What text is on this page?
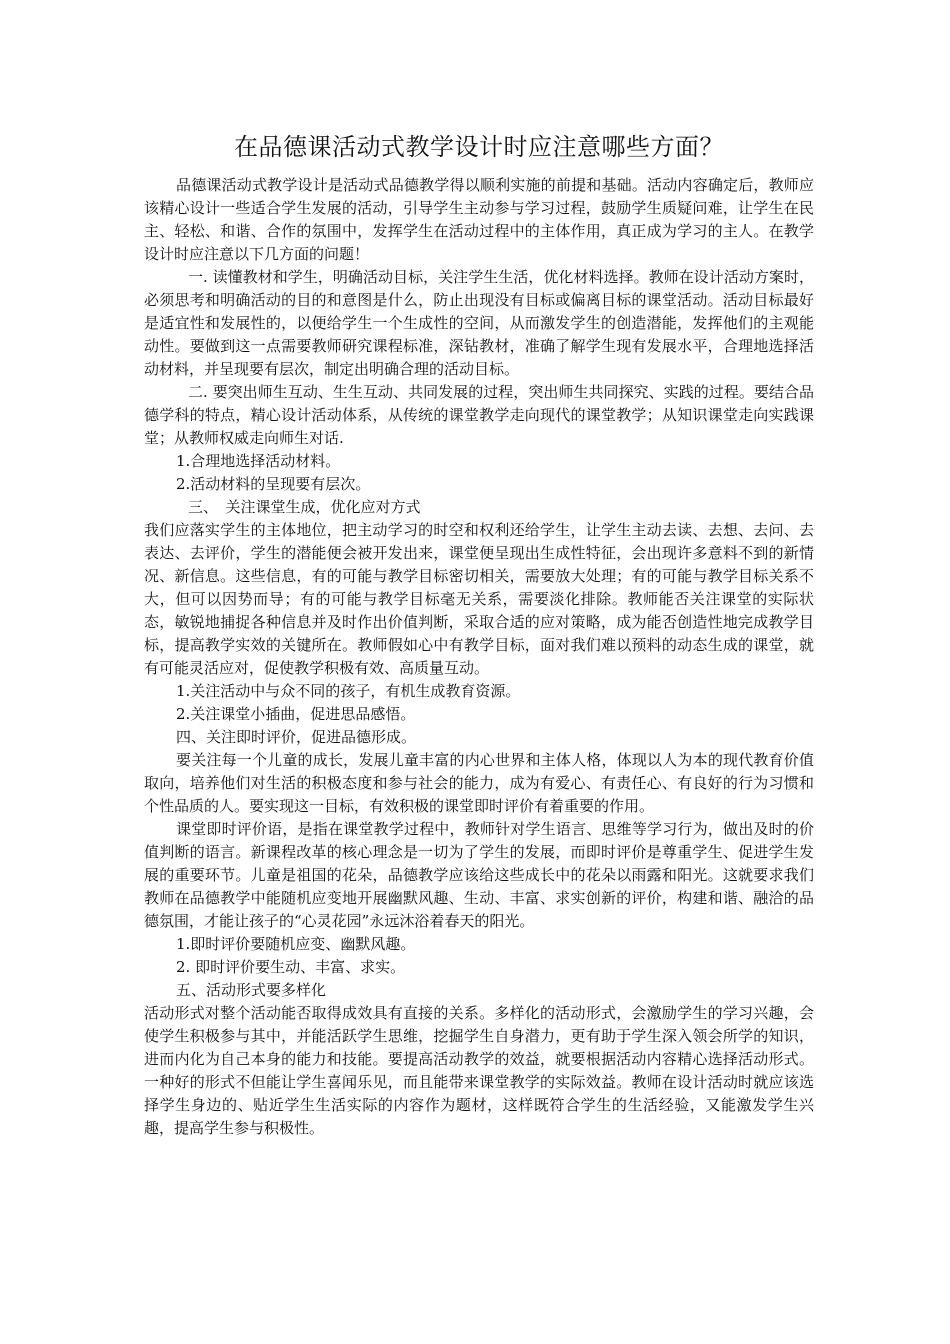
在品德课活动式教学设计时应注意哪些方面？

品德课活动式教学设计是活动式品德教学得以顺利实施的前提和基础。活动内容确定后，教师应该精心设计一些适合学生发展的活动，引导学生主动参与学习过程，鼓励学生质疑问难，让学生在民主、轻松、和谐、合作的氛围中，发挥学生在活动过程中的主体作用，真正成为学习的主人。在教学设计时应注意以下几方面的问题！

一. 读懂教材和学生，明确活动目标，关注学生生活，优化材料选择。教师在设计活动方案时，必须思考和明确活动的目的和意图是什么，防止出现没有目标或偏离目标的课堂活动。活动目标最好是适宜性和发展性的，以便给学生一个生成性的空间，从而激发学生的创造潜能，发挥他们的主观能动性。要做到这一点需要教师研究课程标准，深钻教材，准确了解学生现有发展水平，合理地选择活动材料，并呈现要有层次，制定出明确合理的活动目标。

二. 要突出师生互动、生生互动、共同发展的过程，突出师生共同探究、实践的过程。要结合品德学科的特点，精心设计活动体系，从传统的课堂教学走向现代的课堂教学；从知识课堂走向实践课堂；从教师权威走向师生对话.

1.合理地选择活动材料。

2.活动材料的呈现要有层次。

三、　关注课堂生成，优化应对方式

我们应落实学生的主体地位，把主动学习的时空和权利还给学生，让学生主动去读、去想、去问、去表达、去评价，学生的潜能便会被开发出来，课堂便呈现出生成性特征，会出现许多意料不到的新情况、新信息。这些信息，有的可能与教学目标密切相关，需要放大处理；有的可能与教学目标关系不大，但可以因势而导；有的可能与教学目标毫无关系，需要淡化排除。教师能否关注课堂的实际状态，敏锐地捕捉各种信息并及时作出价值判断，采取合适的应对策略，成为能否创造性地完成教学目标，提高教学实效的关键所在。教师假如心中有教学目标，面对我们难以预料的动态生成的课堂，就有可能灵活应对，促使教学积极有效、高质量互动。

1.关注活动中与众不同的孩子，有机生成教育资源。

2.关注课堂小插曲，促进思品感悟。

四、关注即时评价，促进品德形成。

要关注每一个儿童的成长，发展儿童丰富的内心世界和主体人格，体现以人为本的现代教育价值取向，培养他们对生活的积极态度和参与社会的能力，成为有爱心、有责任心、有良好的行为习惯和个性品质的人。要实现这一目标，有效积极的课堂即时评价有着重要的作用。

课堂即时评价语，是指在课堂教学过程中，教师针对学生语言、思维等学习行为，做出及时的价值判断的语言。新课程改革的核心理念是一切为了学生的发展，而即时评价是尊重学生、促进学生发展的重要环节。儿童是祖国的花朵，品德教学应该给这些成长中的花朵以雨露和阳光。这就要求我们教师在品德教学中能随机应变地开展幽默风趣、生动、丰富、求实创新的评价，构建和谐、融洽的品德氛围，才能让孩子的“心灵花园”永远沐浴着春天的阳光。

1.即时评价要随机应变、幽默风趣。

2. 即时评价要生动、丰富、求实。

五、活动形式要多样化

活动形式对整个活动能否取得成效具有直接的关系。多样化的活动形式，会激励学生的学习兴趣，会使学生积极参与其中，并能活跃学生思维，挖掘学生自身潜力，更有助于学生深入领会所学的知识，进而内化为自己本身的能力和技能。要提高活动教学的效益，就要根据活动内容精心选择活动形式。一种好的形式不但能让学生喜闻乐见，而且能带来课堂教学的实际效益。教师在设计活动时就应该选择学生身边的、贴近学生生活实际的内容作为题材，这样既符合学生的生活经验，又能激发学生兴趣，提高学生参与积极性。
